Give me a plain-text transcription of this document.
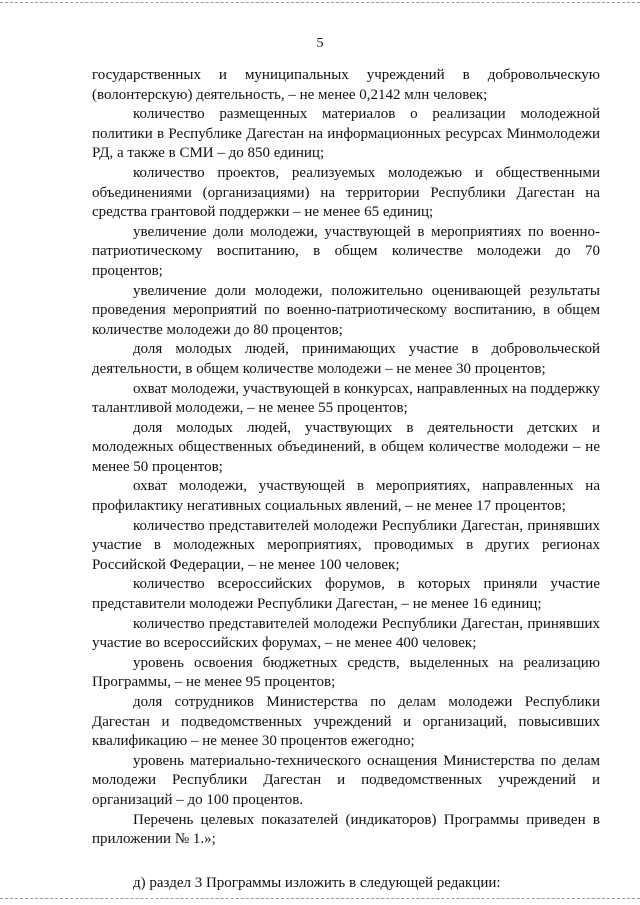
5

государственных и муниципальных учреждений в добровольческую (волонтерскую) деятельность, – не менее 0,2142 млн человек;

количество размещенных материалов о реализации молодежной политики в Республике Дагестан на информационных ресурсах Минмолодежи РД, а также в СМИ – до 850 единиц;

количество проектов, реализуемых молодежью и общественными объединениями (организациями) на территории Республики Дагестан на средства грантовой поддержки – не менее 65 единиц;

увеличение доли молодежи, участвующей в мероприятиях по военно-патриотическому воспитанию, в общем количестве молодежи до 70 процентов;

увеличение доли молодежи, положительно оценивающей результаты проведения мероприятий по военно-патриотическому воспитанию, в общем количестве молодежи до 80 процентов;

доля молодых людей, принимающих участие в добровольческой деятельности, в общем количестве молодежи – не менее 30 процентов;

охват молодежи, участвующей в конкурсах, направленных на поддержку талантливой молодежи, – не менее 55 процентов;

доля молодых людей, участвующих в деятельности детских и молодежных общественных объединений, в общем количестве молодежи – не менее 50 процентов;

охват молодежи, участвующей в мероприятиях, направленных на профилактику негативных социальных явлений, – не менее 17 процентов;

количество представителей молодежи Республики Дагестан, принявших участие в молодежных мероприятиях, проводимых в других регионах Российской Федерации, – не менее 100 человек;

количество всероссийских форумов, в которых приняли участие представители молодежи Республики Дагестан, – не менее 16 единиц;

количество представителей молодежи Республики Дагестан, принявших участие во всероссийских форумах, – не менее 400 человек;

уровень освоения бюджетных средств, выделенных на реализацию Программы, – не менее 95 процентов;

доля сотрудников Министерства по делам молодежи Республики Дагестан и подведомственных учреждений и организаций, повысивших квалификацию – не менее 30 процентов ежегодно;

уровень материально-технического оснащения Министерства по делам молодежи Республики Дагестан и подведомственных учреждений и организаций – до 100 процентов.

Перечень целевых показателей (индикаторов) Программы приведен в приложении № 1.»;

д) раздел 3 Программы изложить в следующей редакции:
